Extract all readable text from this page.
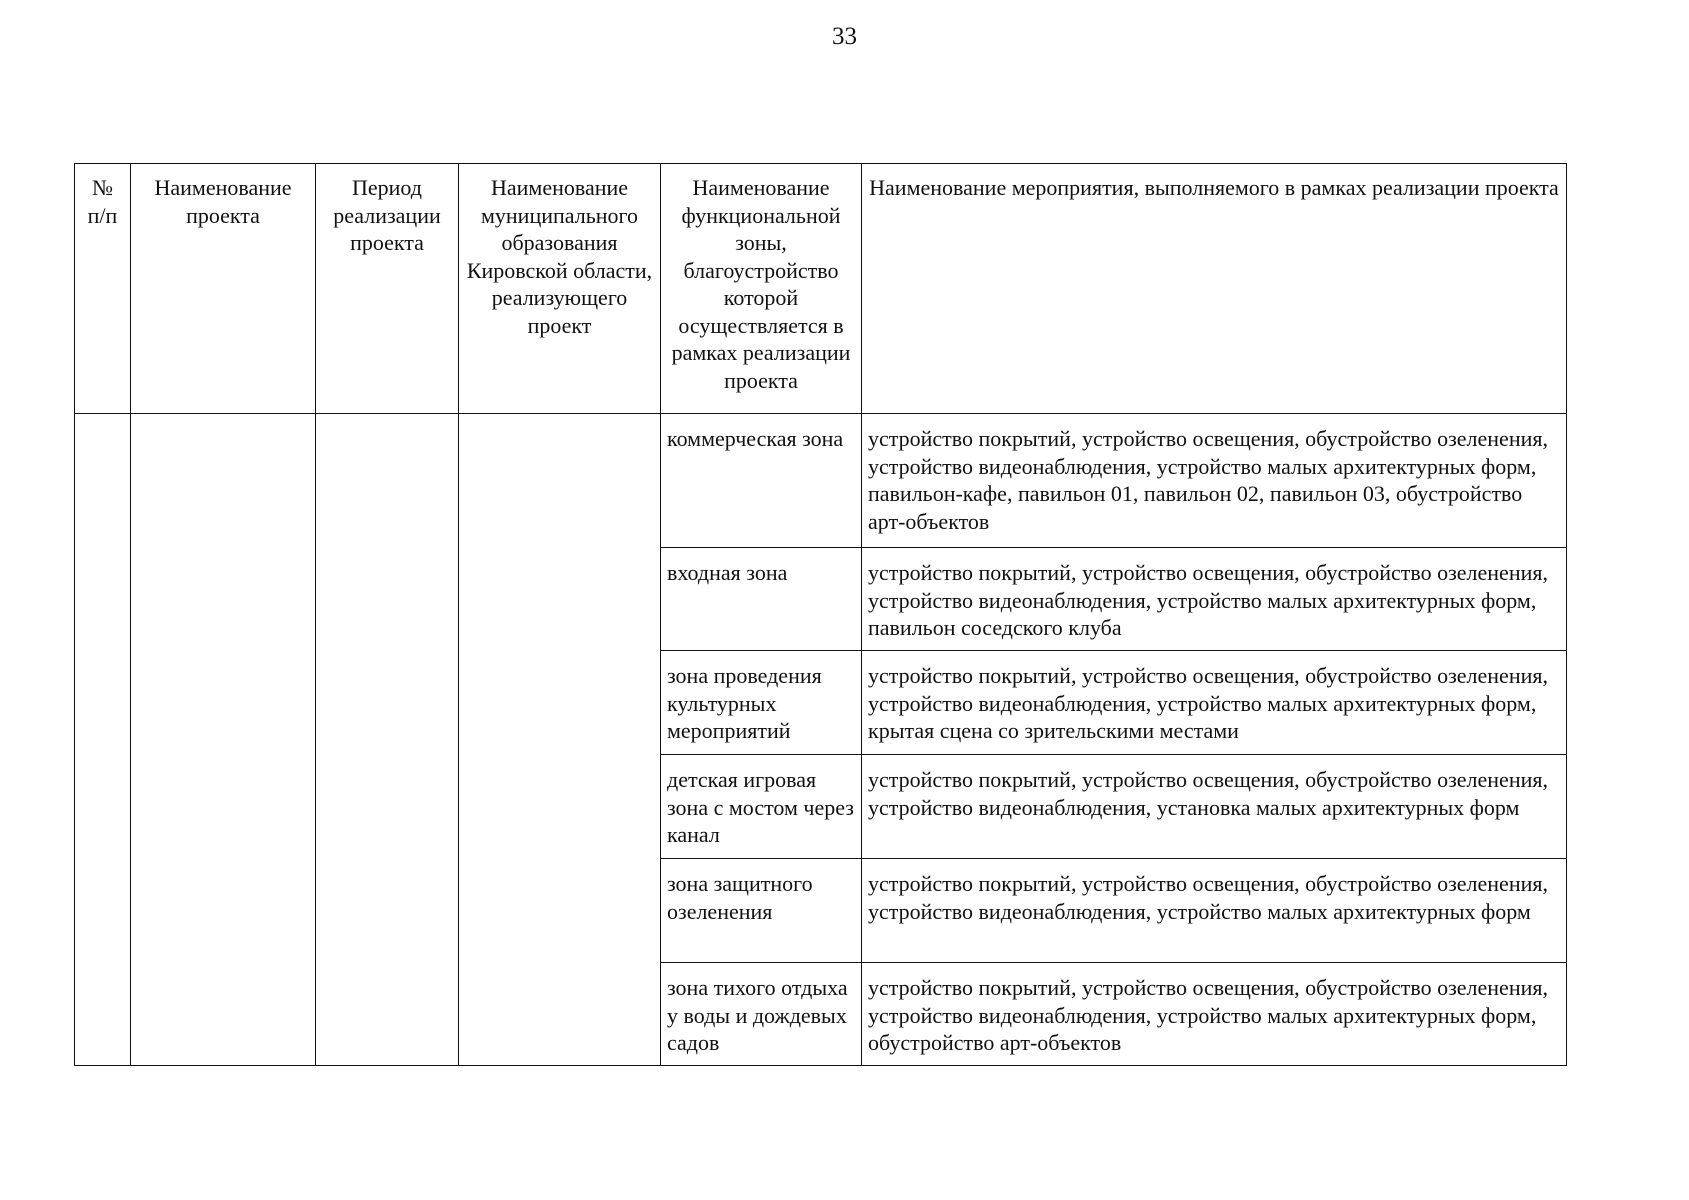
33
№ п/п	Наименование проекта	Период реализации проекта	Наименование муниципального образования Кировской области, реализующего проект	Наименование функциональной зоны, благоустройство которой осуществляется в рамках реализации проекта	Наименование мероприятия, выполняемого в рамках реализации проекта
				коммерческая зона	устройство покрытий, устройство освещения, обустройство озеленения, устройство видеонаблюдения, устройство малых архитектурных форм, павильон-кафе, павильон 01, павильон 02, павильон 03, обустройство арт-объектов
				входная зона	устройство покрытий, устройство освещения, обустройство озеленения, устройство видеонаблюдения, устройство малых архитектурных форм, павильон соседского клуба
				зона проведения культурных мероприятий	устройство покрытий, устройство освещения, обустройство озеленения, устройство видеонаблюдения, устройство малых архитектурных форм, крытая сцена со зрительскими местами
				детская игровая зона с мостом через канал	устройство покрытий, устройство освещения, обустройство озеленения, устройство видеонаблюдения, установка малых архитектурных форм
				зона защитного озеленения	устройство покрытий, устройство освещения, обустройство озеленения, устройство видеонаблюдения, устройство малых архитектурных форм
				зона тихого отдыха у воды и дождевых садов	устройство покрытий, устройство освещения, обустройство озеленения, устройство видеонаблюдения, устройство малых архитектурных форм, обустройство арт-объектов
